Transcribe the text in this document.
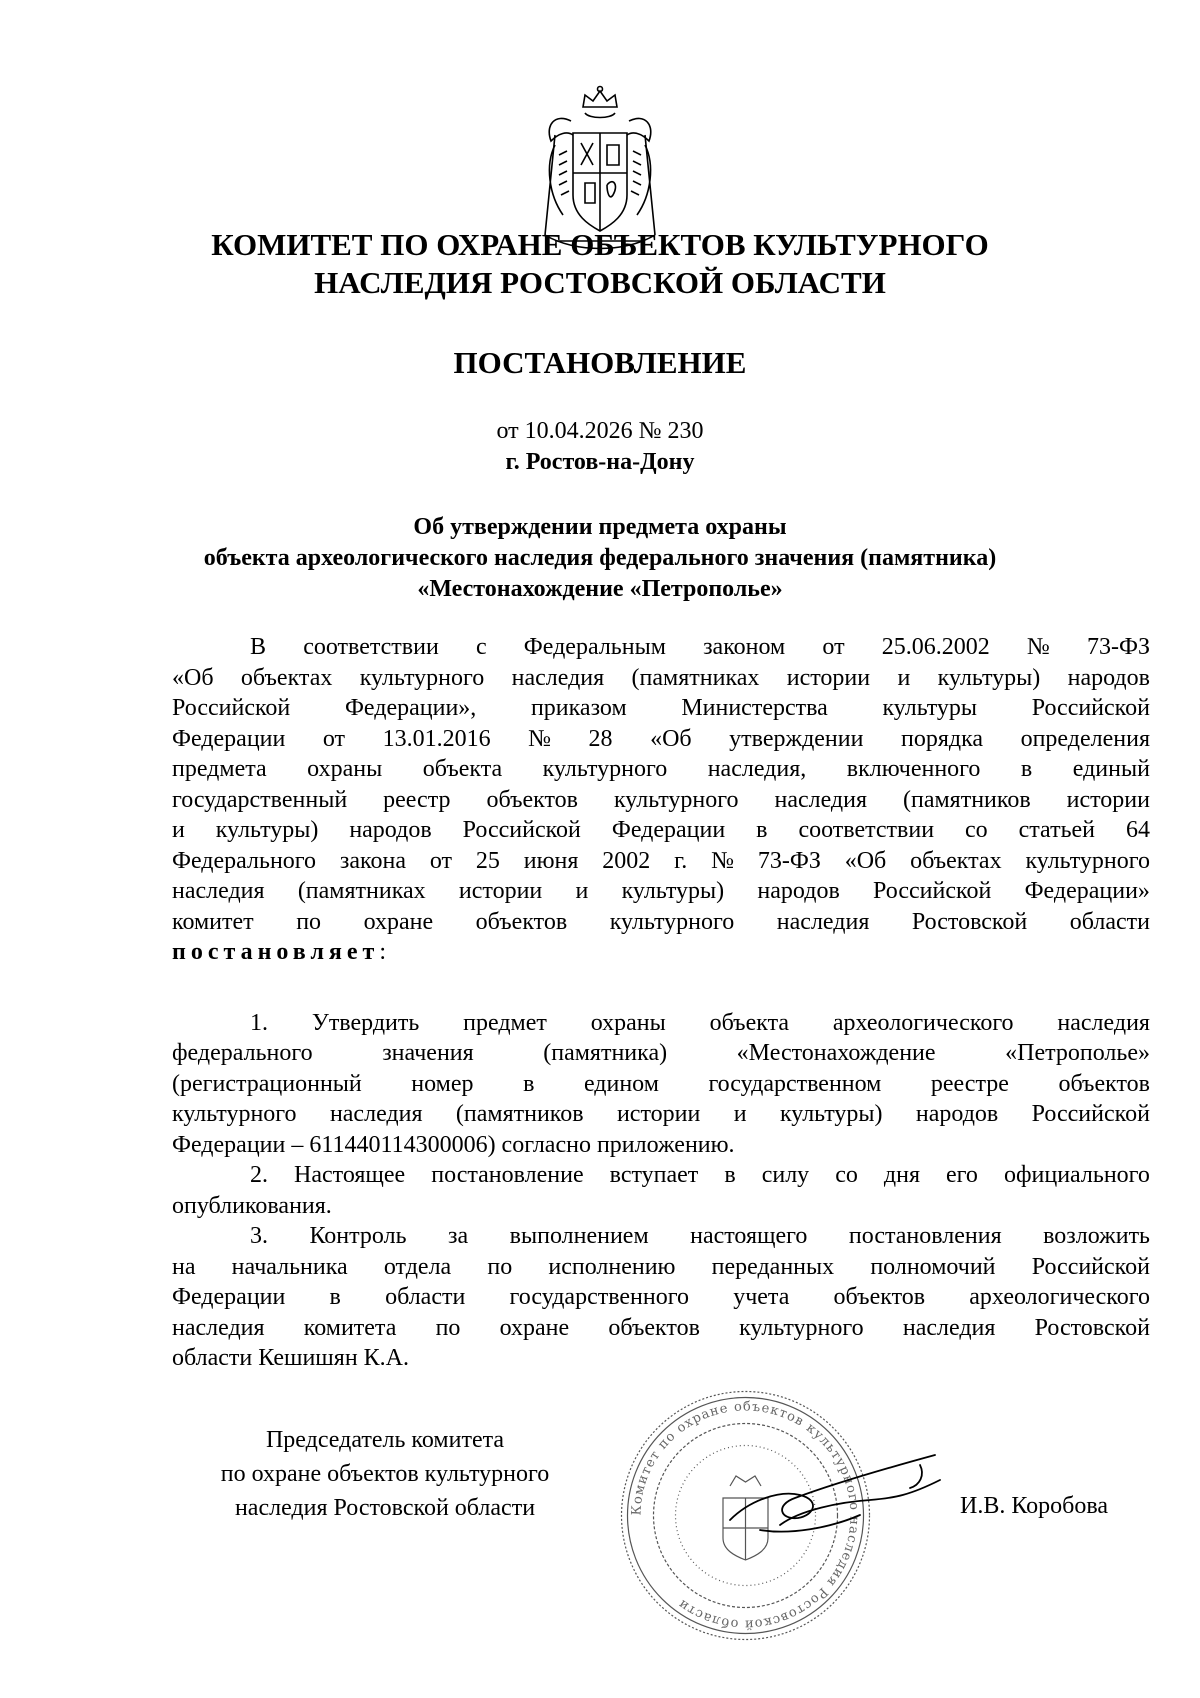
КОМИТЕТ ПО ОХРАНЕ ОБЪЕКТОВ КУЛЬТУРНОГО
НАСЛЕДИЯ РОСТОВСКОЙ ОБЛАСТИ
ПОСТАНОВЛЕНИЕ
от 10.04.2026 № 230
г. Ростов-на-Дону
Об утверждении предмета охраны
объекта археологического наследия федерального значения (памятника)
«Местонахождение «Петрополье»
В соответствии с Федеральным законом от 25.06.2002 № 73-ФЗ
«Об объектах культурного наследия (памятниках истории и культуры) народов
Российской Федерации», приказом Министерства культуры Российской
Федерации от 13.01.2016 № 28 «Об утверждении порядка определения
предмета охраны объекта культурного наследия, включенного в единый
государственный реестр объектов культурного наследия (памятников истории
и культуры) народов Российской Федерации в соответствии со статьей 64
Федерального закона от 25 июня 2002 г. № 73-ФЗ «Об объектах культурного
наследия (памятниках истории и культуры) народов Российской Федерации»
комитет по охране объектов культурного наследия Ростовской области
постановляет :
1. Утвердить предмет охраны объекта археологического наследия
федерального	значения	(памятника)	«Местонахождение	«Петрополье»
(регистрационный номер в едином государственном реестре объектов
культурного наследия (памятников истории и культуры) народов Российской
Федерации – 611440114300006) согласно приложению.
2. Настоящее постановление вступает в силу со дня его официального
опубликования.
3. Контроль за выполнением настоящего постановления возложить
на начальника отдела по исполнению переданных полномочий Российской
Федерации в области государственного учета объектов археологического
наследия комитета по охране объектов культурного наследия Ростовской
области Кешишян К.А.
Председатель комитета
по охране объектов культурного
наследия Ростовской области	Комитет по охране объектов культурного наследия Ростовской области
И.В. Коробова
